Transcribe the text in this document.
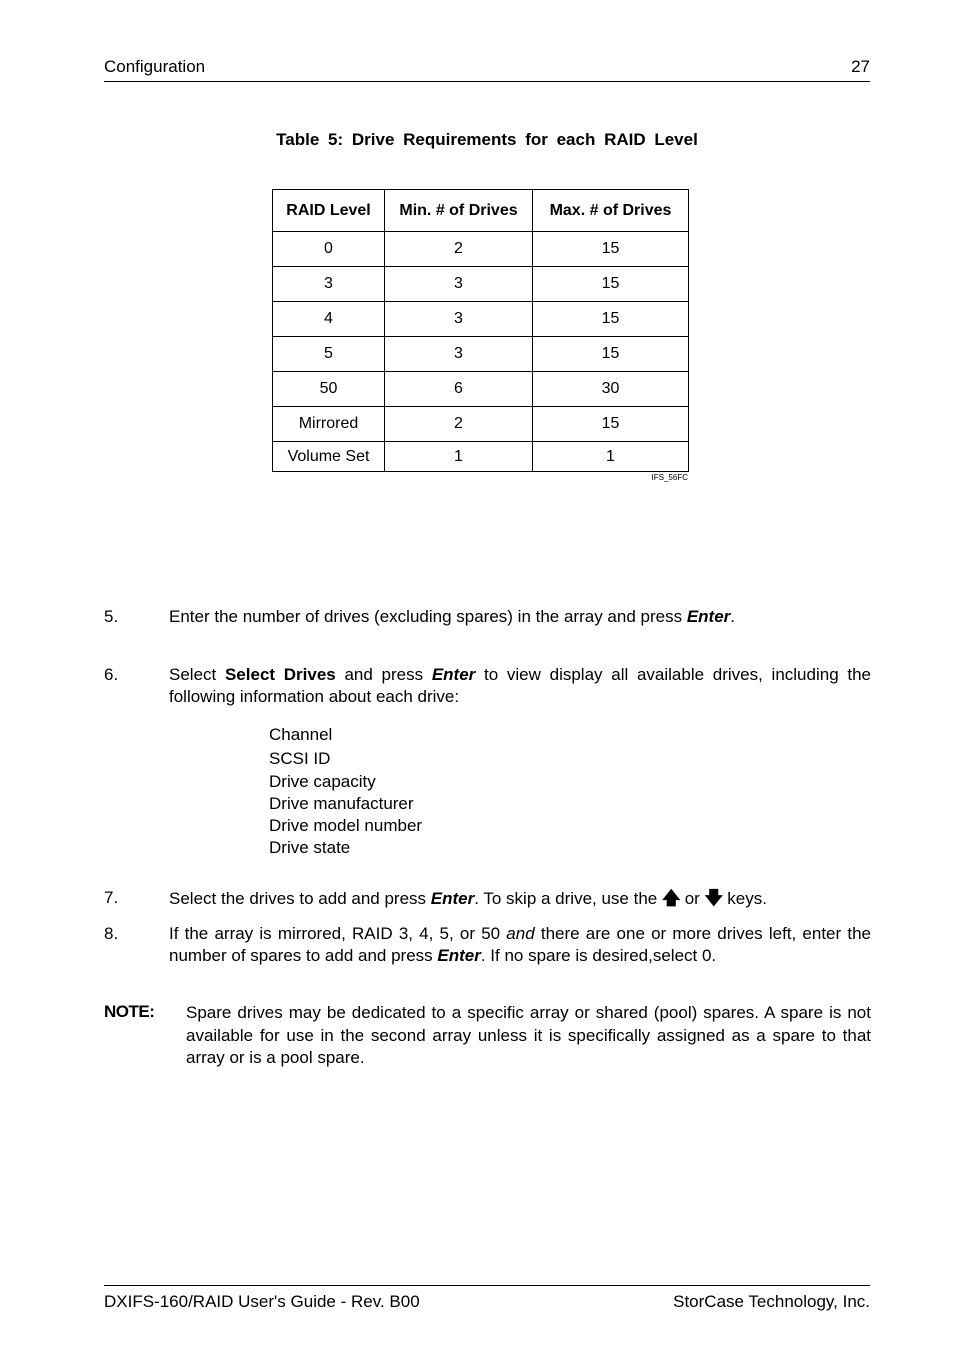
Configuration	27
Table 5: Drive Requirements for each RAID Level
RAID Level	Min. # of Drives	Max. # of Drives
0	2	15
3	3	15
4	3	15
5	3	15
50	6	30
Mirrored	2	15
Volume Set	1	1
IFS_56FC
5.	Enter the number of drives (excluding spares) in the array and press Enter.
6.	Select Select Drives and press Enter to view display all available drives, including the following information about each drive:
Channel
SCSI ID
Drive capacity
Drive manufacturer
Drive model number
Drive state
7.	Select the drives to add and press Enter. To skip a drive, use the 🡅 or 🡇 keys.
8.	If the array is mirrored, RAID 3, 4, 5, or 50 and there are one or more drives left, enter the number of spares to add and press Enter. If no spare is desired,select 0.
NOTE: Spare drives may be dedicated to a specific array or shared (pool) spares. A spare is not available for use in the second array unless it is specifically assigned as a spare to that array or is a pool spare.
DXIFS-160/RAID User's Guide - Rev. B00	StorCase Technology, Inc.
